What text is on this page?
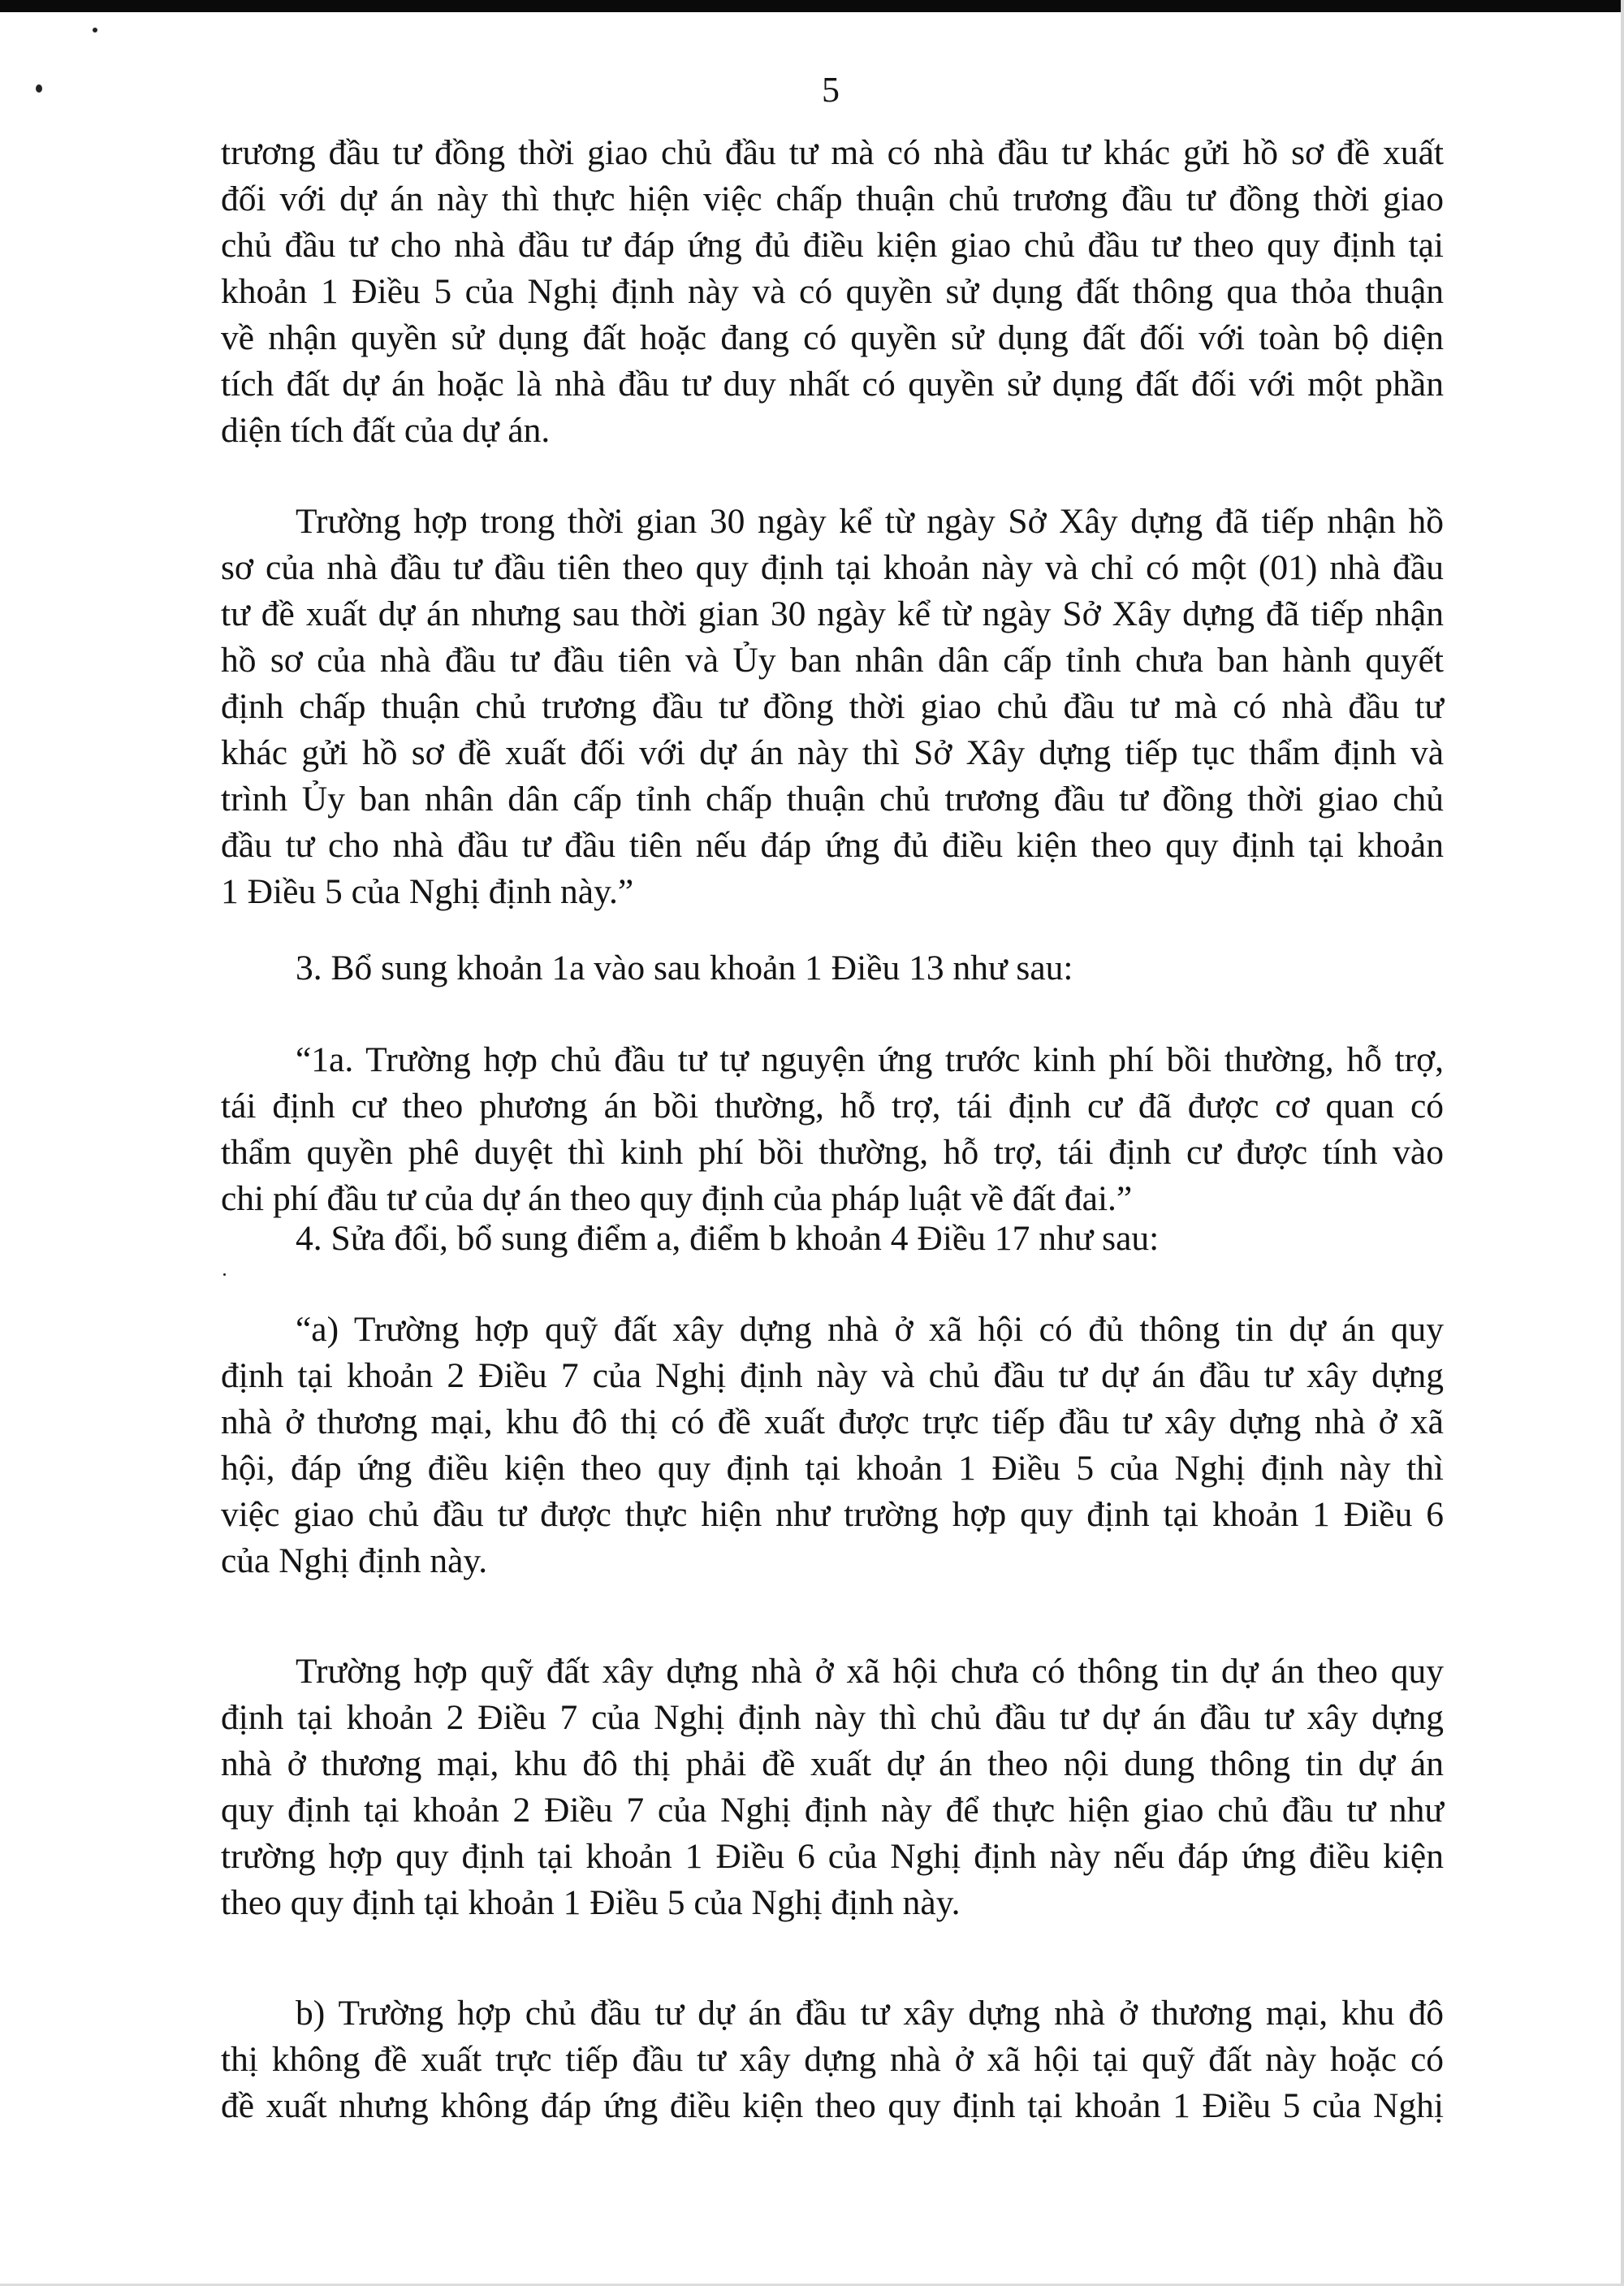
5
trương đầu tư đồng thời giao chủ đầu tư mà có nhà đầu tư khác gửi hồ sơ đề xuất
đối với dự án này thì thực hiện việc chấp thuận chủ trương đầu tư đồng thời giao
chủ đầu tư cho nhà đầu tư đáp ứng đủ điều kiện giao chủ đầu tư theo quy định tại
khoản 1 Điều 5 của Nghị định này và có quyền sử dụng đất thông qua thỏa thuận
về nhận quyền sử dụng đất hoặc đang có quyền sử dụng đất đối với toàn bộ diện
tích đất dự án hoặc là nhà đầu tư duy nhất có quyền sử dụng đất đối với một phần
diện tích đất của dự án.
Trường hợp trong thời gian 30 ngày kể từ ngày Sở Xây dựng đã tiếp nhận hồ
sơ của nhà đầu tư đầu tiên theo quy định tại khoản này và chỉ có một (01) nhà đầu
tư đề xuất dự án nhưng sau thời gian 30 ngày kể từ ngày Sở Xây dựng đã tiếp nhận
hồ sơ của nhà đầu tư đầu tiên và Ủy ban nhân dân cấp tỉnh chưa ban hành quyết
định chấp thuận chủ trương đầu tư đồng thời giao chủ đầu tư mà có nhà đầu tư
khác gửi hồ sơ đề xuất đối với dự án này thì Sở Xây dựng tiếp tục thẩm định và
trình Ủy ban nhân dân cấp tỉnh chấp thuận chủ trương đầu tư đồng thời giao chủ
đầu tư cho nhà đầu tư đầu tiên nếu đáp ứng đủ điều kiện theo quy định tại khoản
1 Điều 5 của Nghị định này.”
3. Bổ sung khoản 1a vào sau khoản 1 Điều 13 như sau:
“1a. Trường hợp chủ đầu tư tự nguyện ứng trước kinh phí bồi thường, hỗ trợ,
tái định cư theo phương án bồi thường, hỗ trợ, tái định cư đã được cơ quan có
thẩm quyền phê duyệt thì kinh phí bồi thường, hỗ trợ, tái định cư được tính vào
chi phí đầu tư của dự án theo quy định của pháp luật về đất đai.”
4. Sửa đổi, bổ sung điểm a, điểm b khoản 4 Điều 17 như sau:
“a) Trường hợp quỹ đất xây dựng nhà ở xã hội có đủ thông tin dự án quy
định tại khoản 2 Điều 7 của Nghị định này và chủ đầu tư dự án đầu tư xây dựng
nhà ở thương mại, khu đô thị có đề xuất được trực tiếp đầu tư xây dựng nhà ở xã
hội, đáp ứng điều kiện theo quy định tại khoản 1 Điều 5 của Nghị định này thì
việc giao chủ đầu tư được thực hiện như trường hợp quy định tại khoản 1 Điều 6
của Nghị định này.
Trường hợp quỹ đất xây dựng nhà ở xã hội chưa có thông tin dự án theo quy
định tại khoản 2 Điều 7 của Nghị định này thì chủ đầu tư dự án đầu tư xây dựng
nhà ở thương mại, khu đô thị phải đề xuất dự án theo nội dung thông tin dự án
quy định tại khoản 2 Điều 7 của Nghị định này để thực hiện giao chủ đầu tư như
trường hợp quy định tại khoản 1 Điều 6 của Nghị định này nếu đáp ứng điều kiện
theo quy định tại khoản 1 Điều 5 của Nghị định này.
b) Trường hợp chủ đầu tư dự án đầu tư xây dựng nhà ở thương mại, khu đô
thị không đề xuất trực tiếp đầu tư xây dựng nhà ở xã hội tại quỹ đất này hoặc có
đề xuất nhưng không đáp ứng điều kiện theo quy định tại khoản 1 Điều 5 của Nghị
